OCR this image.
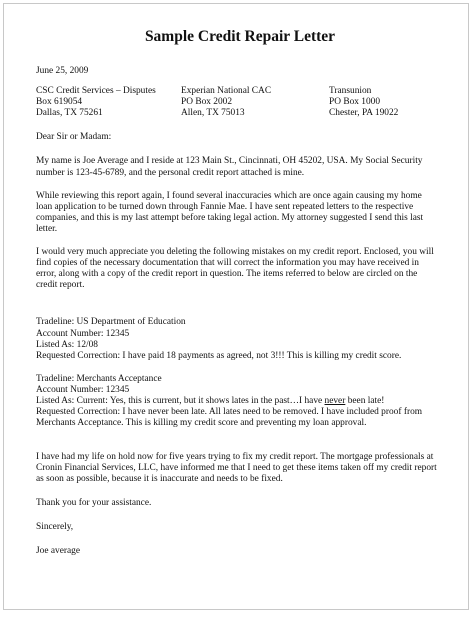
Sample Credit Repair Letter
June 25, 2009
CSC Credit Services – Disputes
Box 619054
Dallas, TX 75261
Experian National CAC
PO Box 2002
Allen, TX 75013
Transunion
PO Box 1000
Chester, PA 19022
Dear Sir or Madam:
My name is Joe Average and I reside at 123 Main St., Cincinnati, OH 45202, USA. My Social Security number is 123-45-6789, and the personal credit report attached is mine.
While reviewing this report again, I found several inaccuracies which are once again causing my home loan application to be turned down through Fannie Mae. I have sent repeated letters to the respective companies, and this is my last attempt before taking legal action. My attorney suggested I send this last letter.
I would very much appreciate you deleting the following mistakes on my credit report. Enclosed, you will find copies of the necessary documentation that will correct the information you may have received in error, along with a copy of the credit report in question. The items referred to below are circled on the credit report.
Tradeline: US Department of Education
Account Number: 12345
Listed As: 12/08
Requested Correction: I have paid 18 payments as agreed, not 3!!! This is killing my credit score.
Tradeline: Merchants Acceptance
Account Number: 12345
Listed As: Current: Yes, this is current, but it shows lates in the past…I have never been late!
Requested Correction: I have never been late. All lates need to be removed. I have included proof from Merchants Acceptance. This is killing my credit score and preventing my loan approval.
I have had my life on hold now for five years trying to fix my credit report. The mortgage professionals at Cronin Financial Services, LLC, have informed me that I need to get these items taken off my credit report as soon as possible, because it is inaccurate and needs to be fixed.
Thank you for your assistance.
Sincerely,
Joe average
